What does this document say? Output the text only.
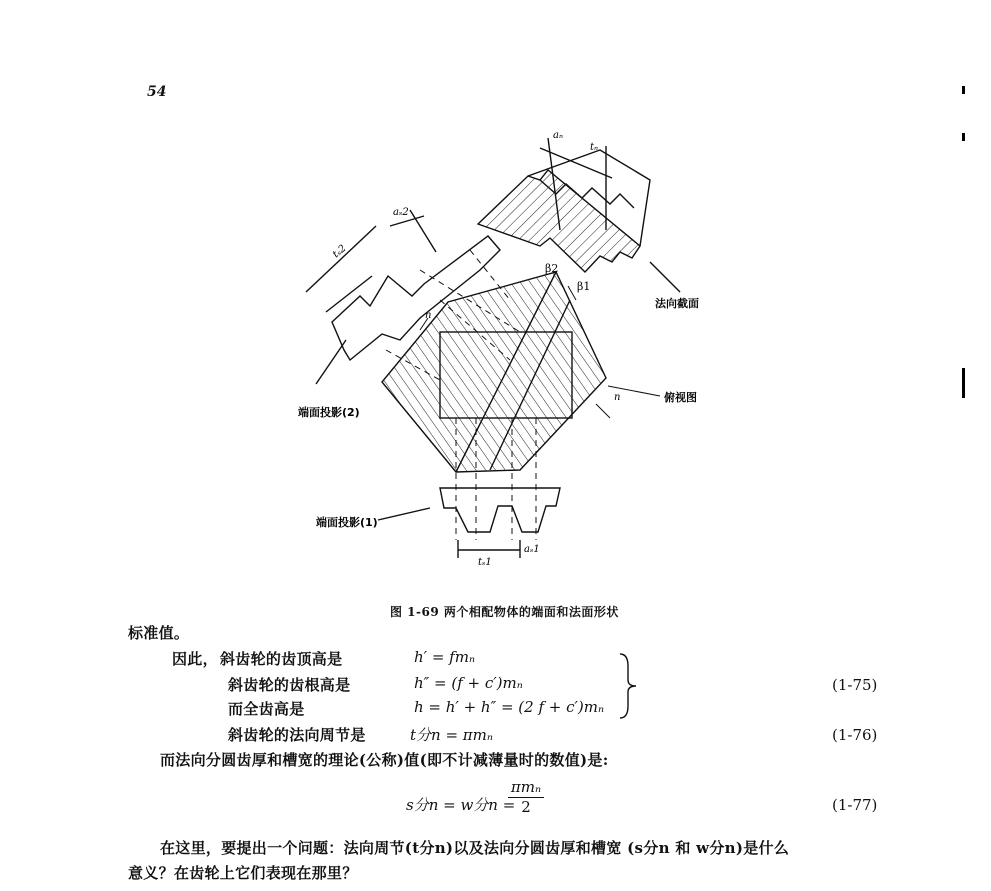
54
aₙ
tₙ
aₛ2
tₛ2
β2
β1
n
n
法向截面
俯视图
端面投影(2)
端面投影(1)
tₛ1
aₛ1
图 1-69 两个相配物体的端面和法面形状
标准值。
因此， 斜齿轮的齿顶高是	h′ = fmₙ
斜齿轮的齿根高是	h″ = (f + c′)mₙ
而全齿高是	h = h′ + h″ = (2 f + c′)mₙ
(1-75)
斜齿轮的法向周节是	t分n = πmₙ	(1-76)
而法向分圆齿厚和槽宽的理论(公称)值(即不计减薄量时的数值)是:
s分n = w分n =
πmₙ
2	(1-77)
在这里，要提出一个问题：法向周节(t分n)以及法向分圆齿厚和槽宽 (s分n 和 w分n)是什么
意义？在齿轮上它们表现在那里？
